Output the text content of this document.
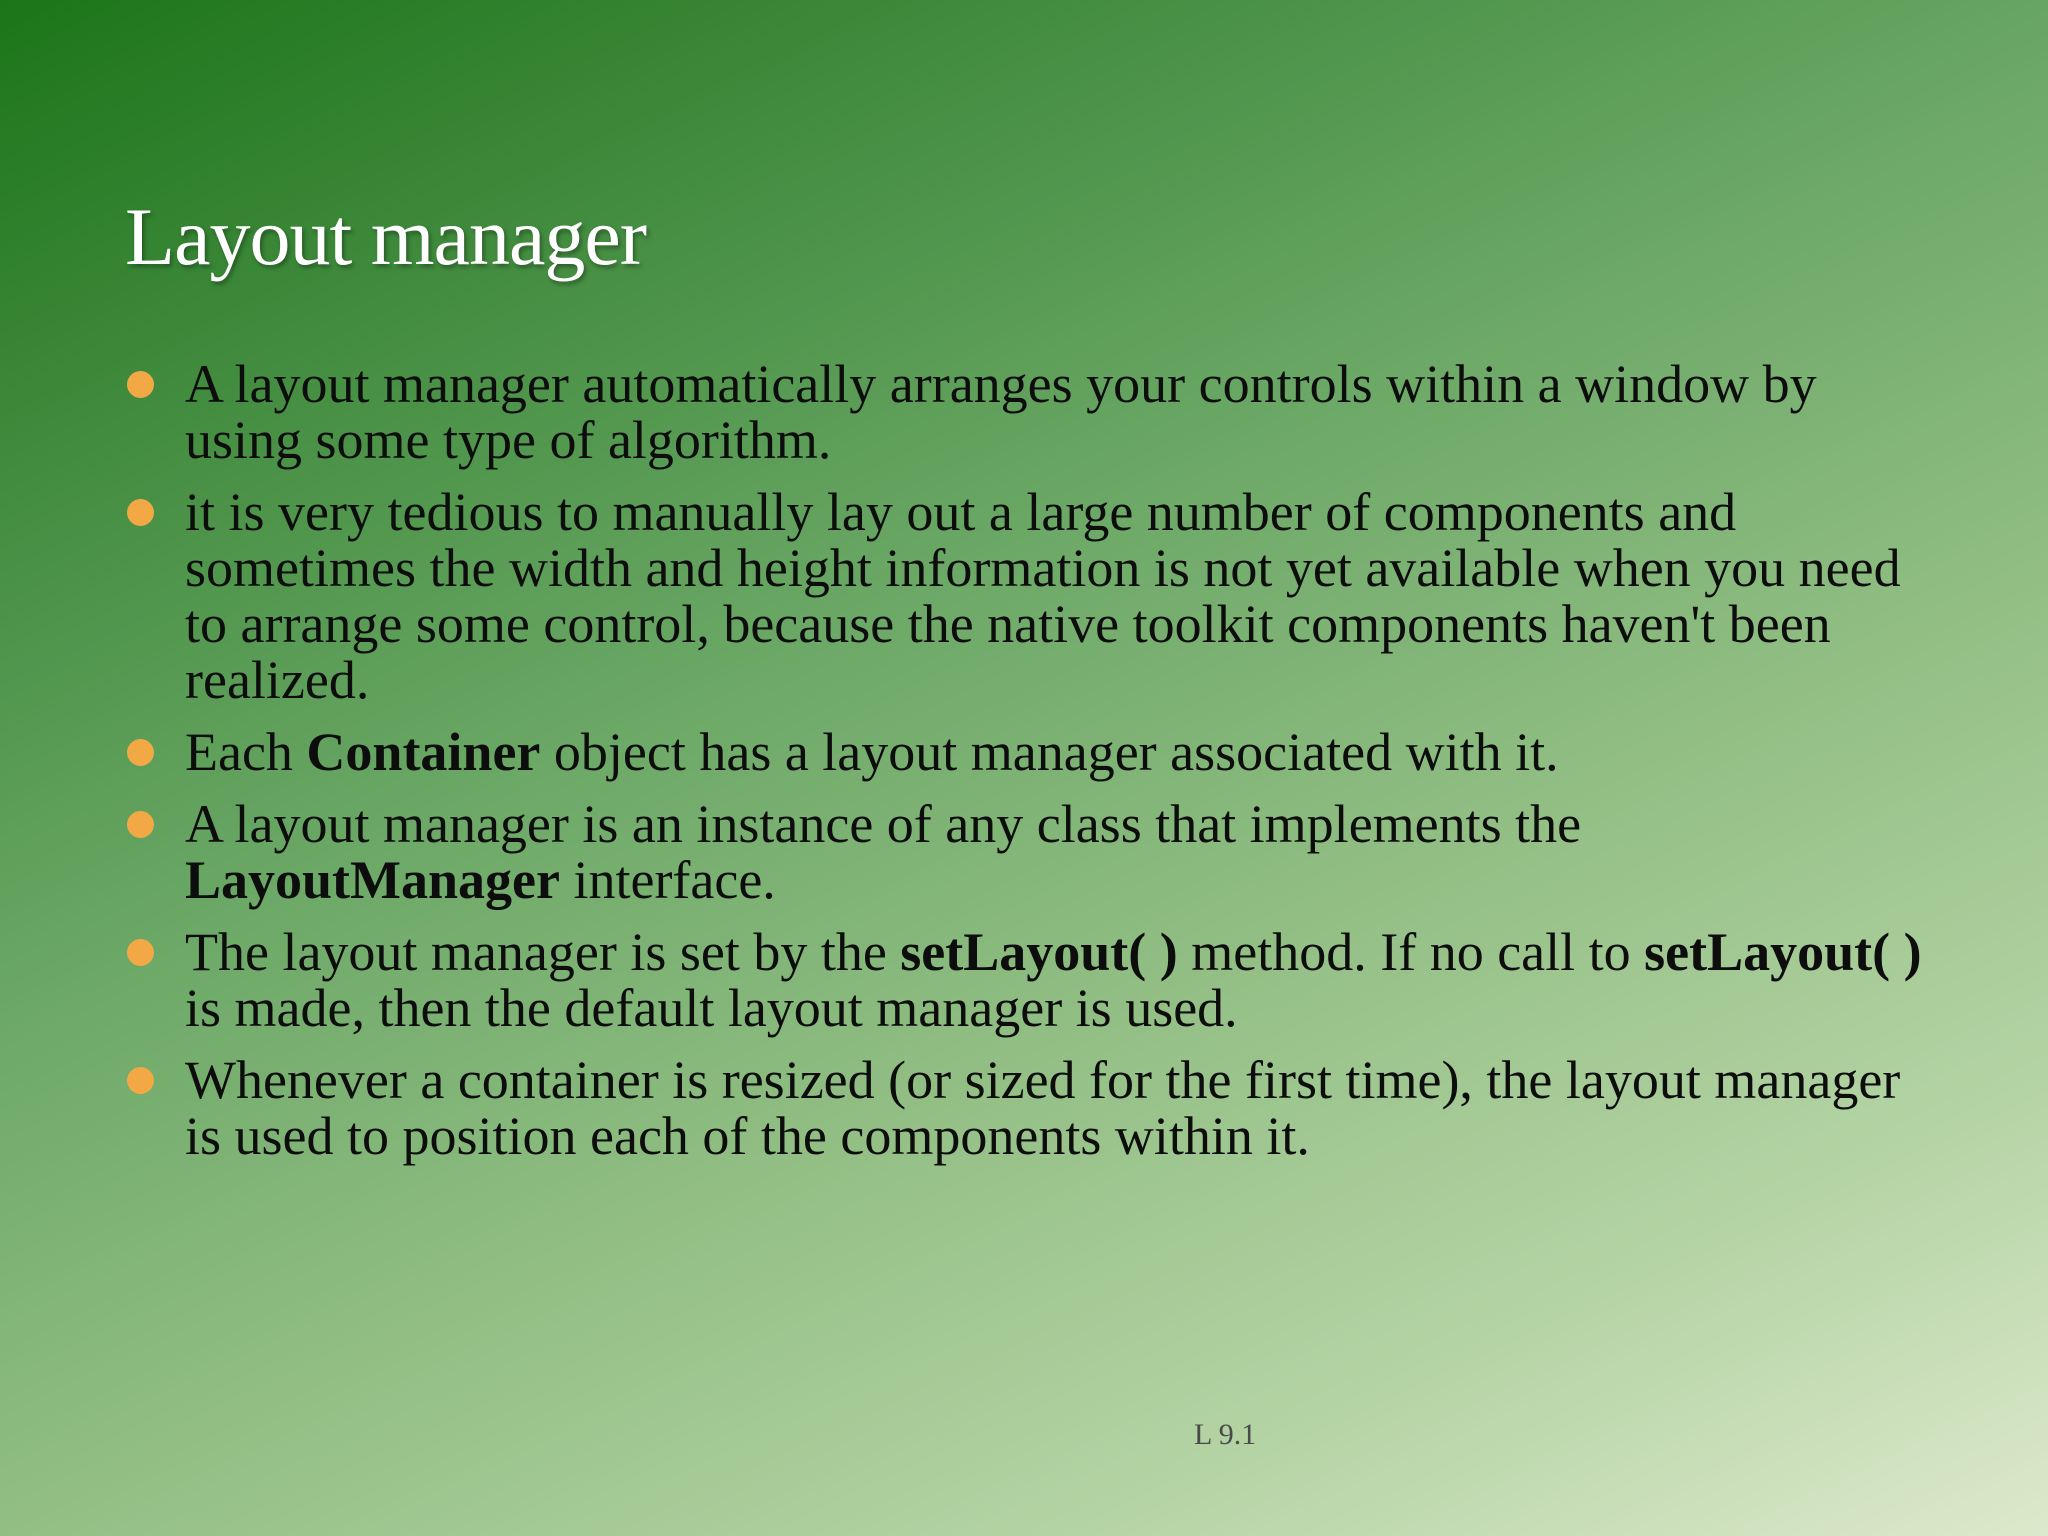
Layout manager
A layout manager automatically arranges your controls within a window by using some type of algorithm.
it is very tedious to manually lay out a large number of components and sometimes the width and height information is not yet available when you need to arrange some control, because the native toolkit components haven't been realized.
Each Container object has a layout manager associated with it.
A layout manager is an instance of any class that implements the LayoutManager interface.
The layout manager is set by the setLayout( ) method. If no call to setLayout( ) is made, then the default layout manager is used.
Whenever a container is resized (or sized for the first time), the layout manager is used to position each of the components within it.
L 9.1
